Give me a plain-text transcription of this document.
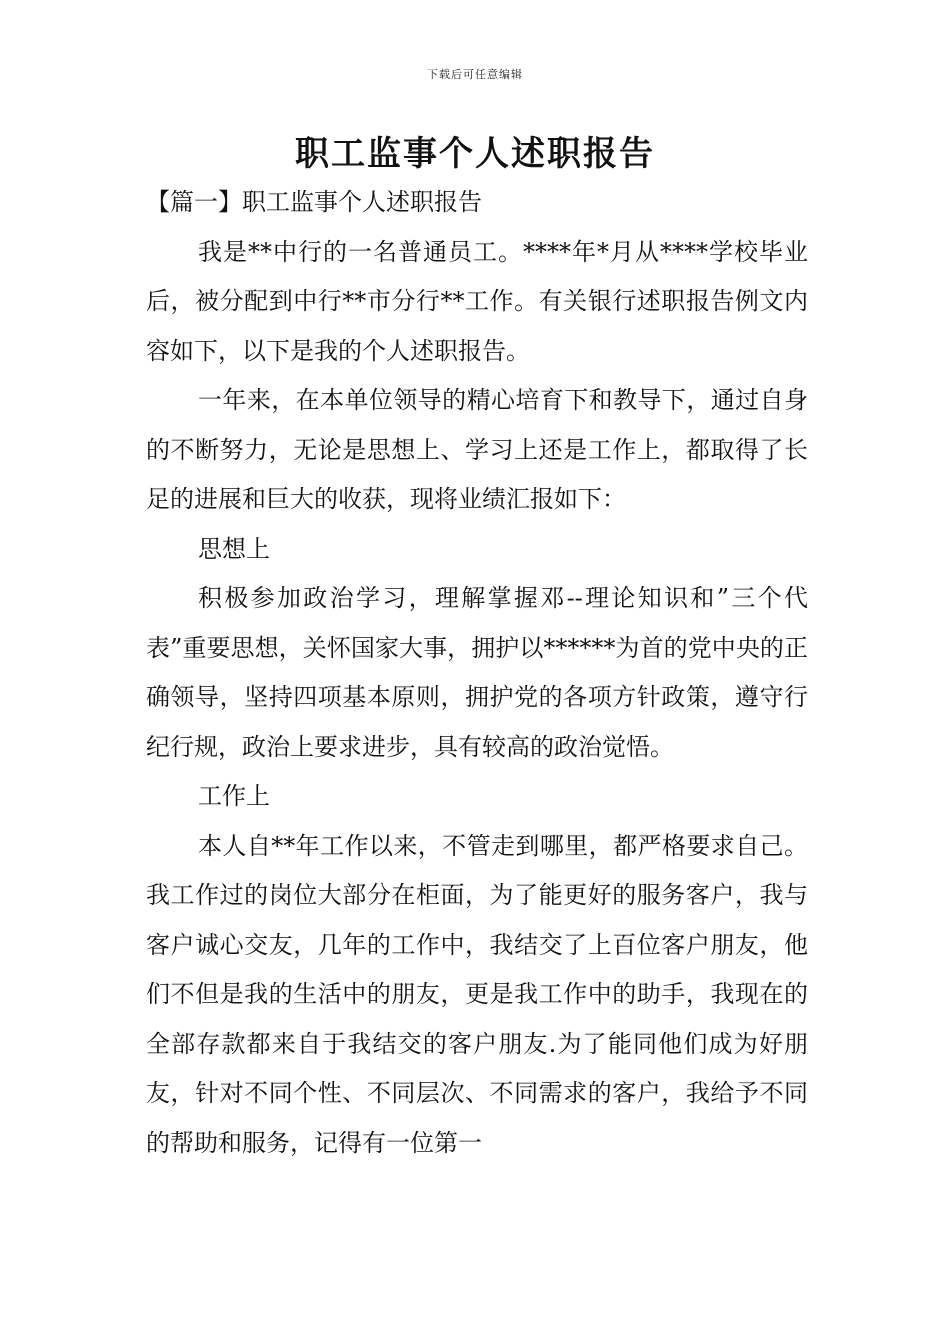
下载后可任意编辑
职工监事个人述职报告

【篇一】职工监事个人述职报告

我是**中行的一名普通员工。****年*月从****学校毕业后，被分配到中行**市分行**工作。有关银行述职报告例文内容如下，以下是我的个人述职报告。

一年来，在本单位领导的精心培育下和教导下，通过自身的不断努力，无论是思想上、学习上还是工作上，都取得了长足的进展和巨大的收获，现将业绩汇报如下：

思想上

积极参加政治学习，理解掌握邓--理论知识和”三个代表”重要思想，关怀国家大事，拥护以******为首的党中央的正确领导，坚持四项基本原则，拥护党的各项方针政策，遵守行纪行规，政治上要求进步，具有较高的政治觉悟。

工作上

本人自**年工作以来，不管走到哪里，都严格要求自己。我工作过的岗位大部分在柜面，为了能更好的服务客户，我与客户诚心交友，几年的工作中，我结交了上百位客户朋友，他们不但是我的生活中的朋友，更是我工作中的助手，我现在的全部存款都来自于我结交的客户朋友.为了能同他们成为好朋友，针对不同个性、不同层次、不同需求的客户，我给予不同的帮助和服务，记得有一位第一
